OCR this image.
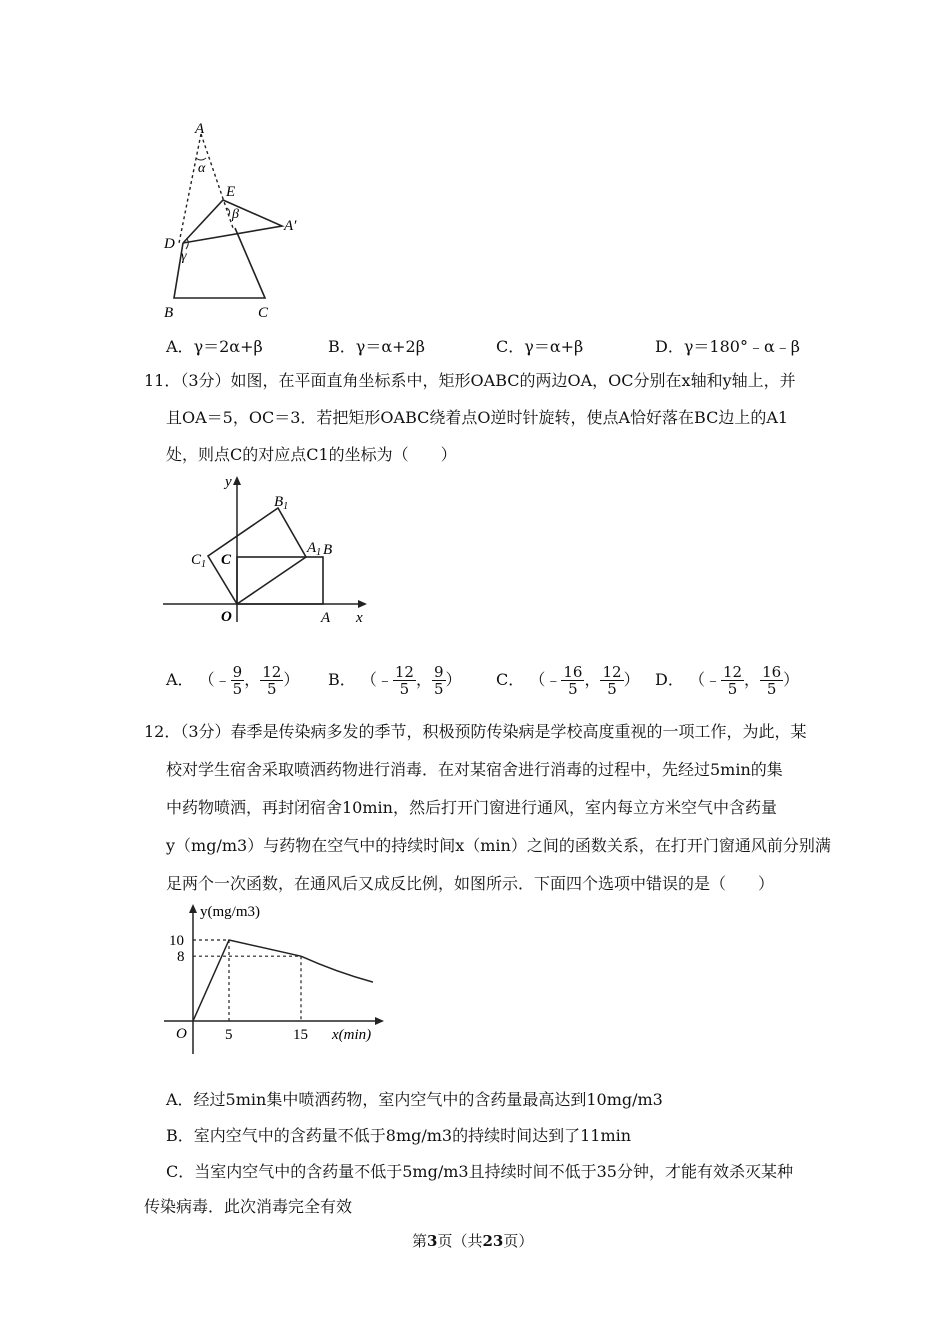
A
α
E
β
A′
D
γ
B	C
A．γ＝2α+β	B．γ＝α+2β	C．γ＝α+β	D．γ＝180°﹣α﹣β
11．（3分）如图，在平面直角坐标系中，矩形OABC的两边OA，OC分别在x轴和y轴上，并
且OA＝5，OC＝3．若把矩形OABC绕着点O逆时针旋转，使点A恰好落在BC边上的A1
处，则点C的对应点C1的坐标为（　　）
y
x
O	A
B
C
$A_1$
$B_1$
$C_1$
A． （﹣ $\frac{9}{5}$ ， $\frac{12}{5}$ ） B． （﹣ $\frac{12}{5}$ ， $\frac{9}{5}$ ） C． （﹣ $\frac{16}{5}$ ， $\frac{12}{5}$ ） D． （﹣ $\frac{12}{5}$ ， $\frac{16}{5}$ ）
12．（3分）春季是传染病多发的季节，积极预防传染病是学校高度重视的一项工作，为此，某
校对学生宿舍采取喷洒药物进行消毒．在对某宿舍进行消毒的过程中，先经过5min的集
中药物喷洒，再封闭宿舍10min，然后打开门窗进行通风，室内每立方米空气中含药量
y（mg/m3）与药物在空气中的持续时间x（min）之间的函数关系，在打开门窗通风前分别满
足两个一次函数，在通风后又成反比例，如图所示．下面四个选项中错误的是（　　）
y(mg/m3)
x(min)
O	5	15
8
10
A．经过5min集中喷洒药物，室内空气中的含药量最高达到10mg/m3
B．室内空气中的含药量不低于8mg/m3的持续时间达到了11min
C．当室内空气中的含药量不低于5mg/m3且持续时间不低于35分钟，才能有效杀灭某种
传染病毒．此次消毒完全有效
第3页（共23页）
